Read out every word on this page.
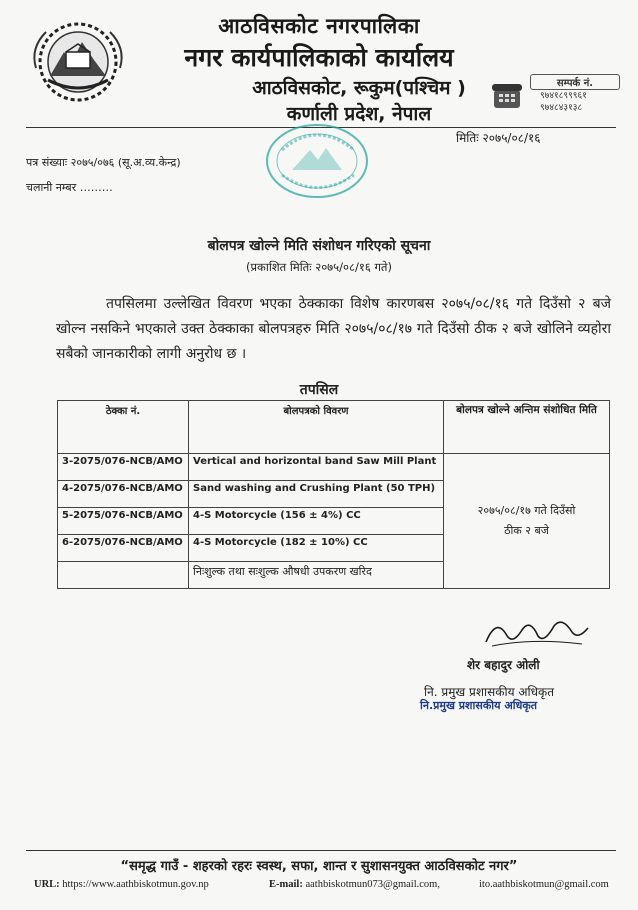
आठविसकोट नगरपालिका
नगर कार्यपालिकाको कार्यालय
आठविसकोट, रूकुम(पश्चिम )
कर्णाली प्रदेश, नेपाल
सम्पर्क नं.
९७४१८९९९६१
९७४८४३१३८
मितिः २०७५/०८/१६
पत्र संख्याः २०७५/०७६ (सू.अ.व्य.केन्द्र)
चलानी नम्बर ………
बोलपत्र खोल्ने मिति संशोधन गरिएको सूचना
(प्रकाशित मितिः २०७५/०८/१६ गते)
तपसिलमा उल्लेखित विवरण भएका ठेक्काका विशेष कारणबस २०७५/०८/१६ गते दिउँसो २ बजे खोल्न नसकिने भएकाले उक्त ठेक्काका बोलपत्रहरु मिति २०७५/०८/१७ गते दिउँसो ठीक २ बजे खोलिने व्यहोरा सबैको जानकारीको लागी अनुरोध छ ।
तपसिल
ठेक्का नं.	बोलपत्रको विवरण	बोलपत्र खोल्ने अन्तिम संशोधित मिति
3-2075/076-NCB/AMO	Vertical and horizontal band Saw Mill Plant	२०७५/०८/१७ गते दिउँसो
ठीक २ बजे

4-2075/076-NCB/AMO	Sand washing and Crushing Plant (50 TPH)	
5-2075/076-NCB/AMO	4-S Motorcycle (156 ± 4%) CC	
6-2075/076-NCB/AMO	4-S Motorcycle (182 ± 10%) CC	
	निःशुल्क तथा सःशुल्क औषधी उपकरण खरिद	
शेर बहादुर ओली
नि. प्रमुख प्रशासकीय अधिकृत
नि.प्रमुख प्रशासकीय अधिकृत
“समृद्ध गाउँ - शहरको रहरः स्वस्थ, सफा, शान्त र सुशासनयुक्त आठविसकोट नगर”
URL: https://www.aathbiskotmun.gov.np	E-mail: aathbiskotmun073@gmail.com,	ito.aathbiskotmun@gmail.com
